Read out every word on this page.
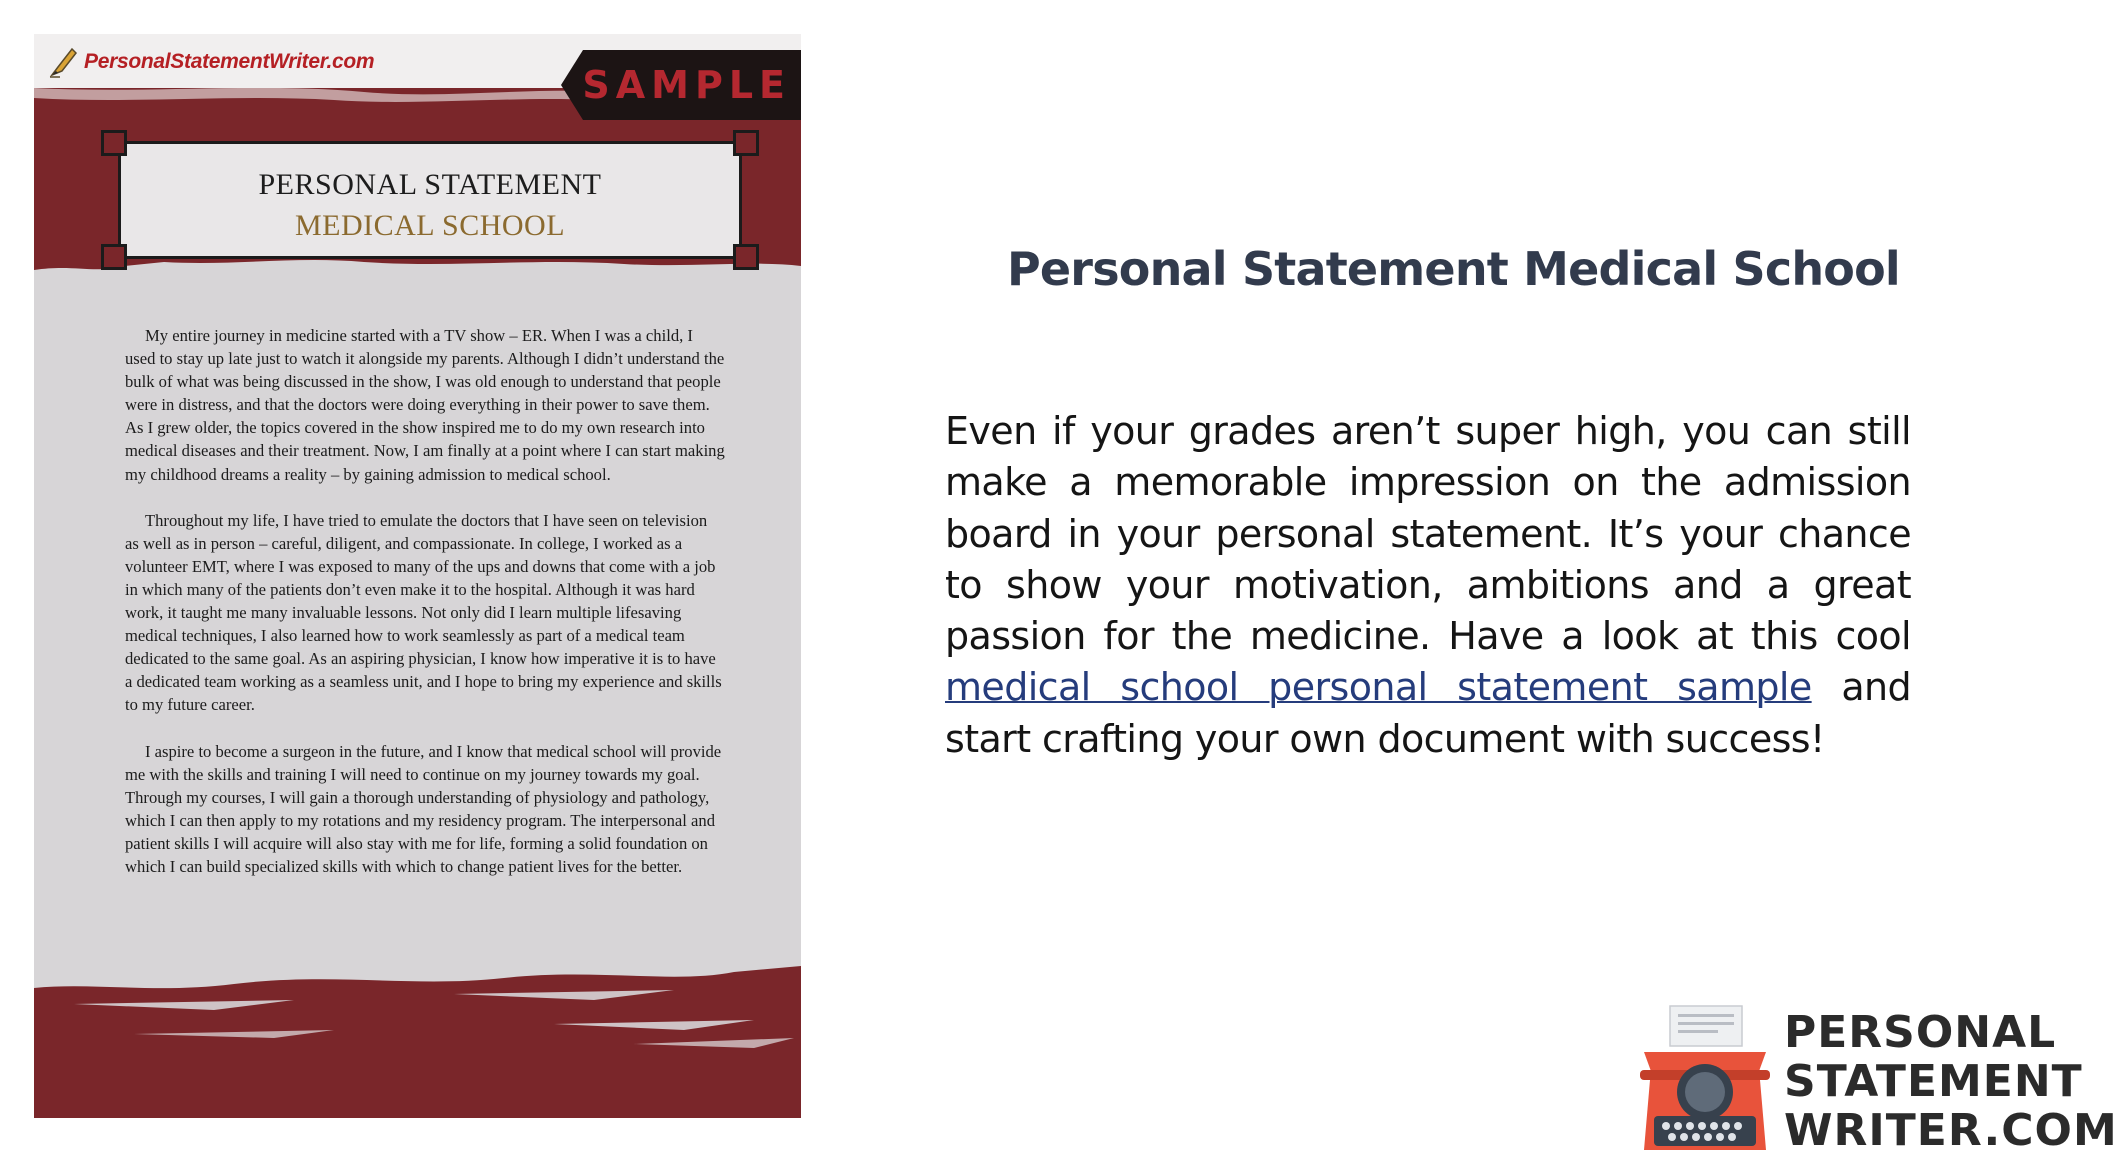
PersonalStatementWriter.com
SAMPLE
PERSONAL STATEMENT
MEDICAL SCHOOL

My entire journey in medicine started with a TV show – ER. When I was a child, I used to stay up late just to watch it alongside my parents. Although I didn’t understand the bulk of what was being discussed in the show, I was old enough to understand that people were in distress, and that the doctors were doing everything in their power to save them. As I grew older, the topics covered in the show inspired me to do my own research into medical diseases and their treatment. Now, I am finally at a point where I can start making my childhood dreams a reality – by gaining admission to medical school.

Throughout my life, I have tried to emulate the doctors that I have seen on television as well as in person – careful, diligent, and compassionate. In college, I worked as a volunteer EMT, where I was exposed to many of the ups and downs that come with a job in which many of the patients don’t even make it to the hospital. Although it was hard work, it taught me many invaluable lessons. Not only did I learn multiple lifesaving medical techniques, I also learned how to work seamlessly as part of a medical team dedicated to the same goal. As an aspiring physician, I know how imperative it is to have a dedicated team working as a seamless unit, and I hope to bring my experience and skills to my future career.

I aspire to become a surgeon in the future, and I know that medical school will provide me with the skills and training I will need to continue on my journey towards my goal. Through my courses, I will gain a thorough understanding of physiology and pathology, which I can then apply to my rotations and my residency program. The interpersonal and patient skills I will acquire will also stay with me for life, forming a solid foundation on which I can build specialized skills with which to change patient lives for the better.

Personal Statement Medical School

Even if your grades aren’t super high, you can still make a memorable impression on the admission board in your personal statement. It’s your chance to show your motivation, ambitions and a great passion for the medicine. Have a look at this cool medical school personal statement sample and start crafting your own document with success!

PERSONAL
STATEMENT
WRITER.COM
